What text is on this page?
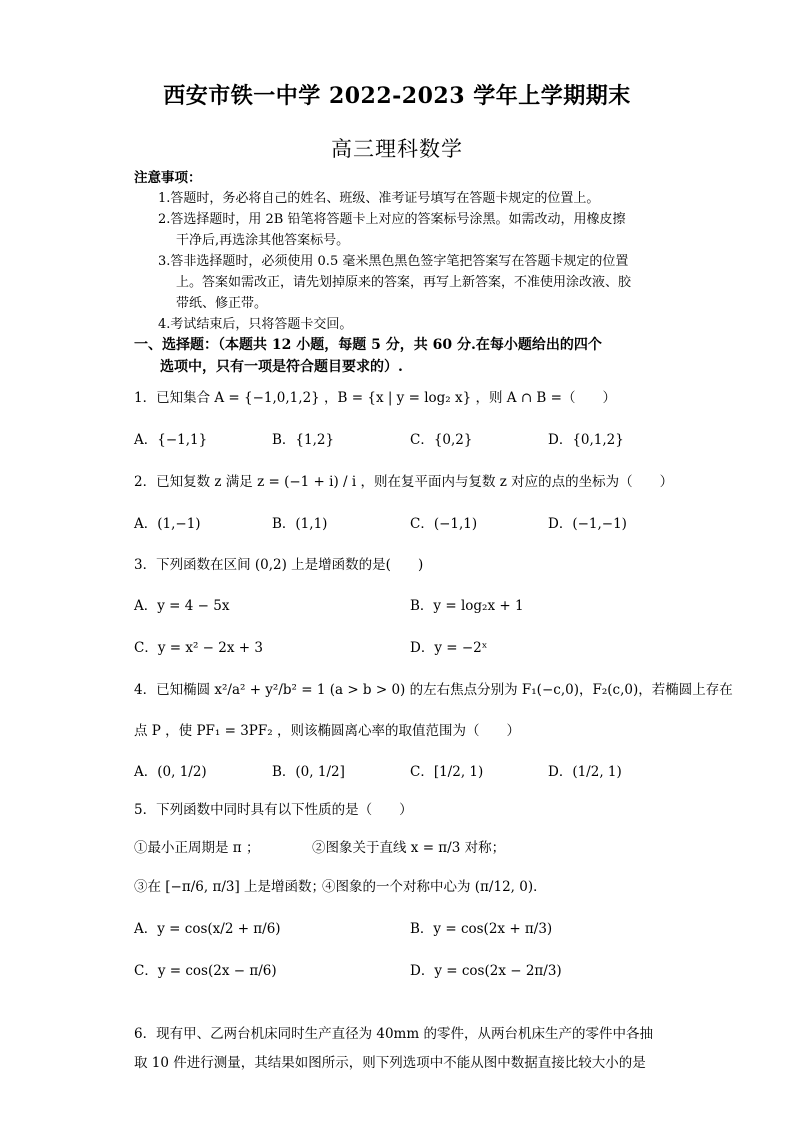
西安市铁一中学 2022-2023 学年上学期期末
高三理科数学
注意事项：
1.答题时，务必将自己的姓名、班级、准考证号填写在答题卡规定的位置上。
2.答选择题时，用 2B 铅笔将答题卡上对应的答案标号涂黑。如需改动，用橡皮擦
干净后,再选涂其他答案标号。
3.答非选择题时，必须使用 0.5 毫米黑色黑色签字笔把答案写在答题卡规定的位置
上。答案如需改正，请先划掉原来的答案，再写上新答案，不准使用涂改液、胶
带纸、修正带。
4.考试结束后，只将答题卡交回。
一、选择题：（本题共 12 小题，每题 5 分，共 60 分.在每小题给出的四个
选项中，只有一项是符合题目要求的）.
1．已知集合 A = {−1,0,1,2} ，B = {x | y = log₂ x} ，则 A ∩ B =（　　）
A．{−1,1}	B．{1,2}	C．{0,2}	D．{0,1,2}
2．已知复数 z 满足 z = (−1 + i) / i ，则在复平面内与复数 z 对应的点的坐标为（　　）
A．(1,−1)	B．(1,1)	C．(−1,1)	D．(−1,−1)
3．下列函数在区间 (0,2) 上是增函数的是(　　)
A．y = 4 − 5x	B．y = log₂x + 1
C．y = x² − 2x + 3	D．y = −2ˣ
4．已知椭圆 x²/a² + y²/b² = 1 (a > b > 0) 的左右焦点分别为 F₁(−c,0)，F₂(c,0)，若椭圆上存在
点 P ，使 PF₁ = 3PF₂ ，则该椭圆离心率的取值范围为（　　）
A．(0, 1/2)	B．(0, 1/2]	C．[1/2, 1)	D．(1/2, 1)
5．下列函数中同时具有以下性质的是（　　）
①最小正周期是 π ；	②图象关于直线 x = π/3 对称；
③在 [−π/6, π/3] 上是增函数；
④图象的一个对称中心为 (π/12, 0)．
A．y = cos(x/2 + π/6)	B．y = cos(2x + π/3)
C．y = cos(2x − π/6)	D．y = cos(2x − 2π/3)
6．现有甲、乙两台机床同时生产直径为 40mm 的零件，从两台机床生产的零件中各抽
取 10 件进行测量，其结果如图所示，则下列选项中不能从图中数据直接比较大小的是
